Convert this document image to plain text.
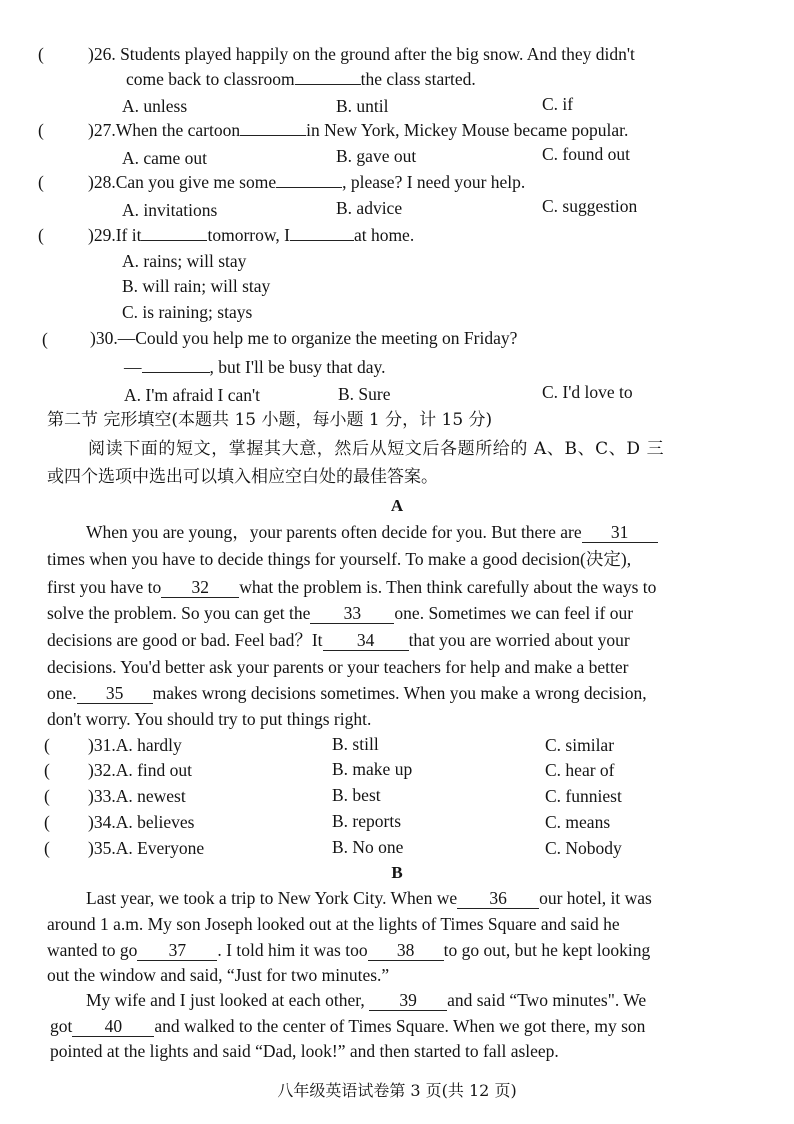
(	)26. Students played happily on the ground after the big snow. And they didn't
come back to classroom	the class started.
A. unless	B. until	C. if
(	)27.When the cartoon	in New York, Mickey Mouse became popular.
A. came out	B. gave out	C. found out
(	)28.Can you give me some	, please? I need your help.
A. invitations	B. advice	C. suggestion
(	)29.If it	tomorrow, I	at home.
A. rains; will stay
B. will rain; will stay
C. is raining; stays
( )30.—Could you help me to organize the meeting on Friday?
—	, but I'll be busy that day.
A. I'm afraid I can't	B. Sure	C. I'd love to
第二节 完形填空(本题共 15 小题，每小题 1 分，计 15 分)
阅读下面的短文，掌握其大意，然后从短文后各题所给的 A、B、C、D 三
或四个选项中选出可以填入相应空白处的最佳答案。
A
When you are young，your parents often decide for you. But there are 31
times when you have to decide things for yourself. To make a good decision(决定),
first you have to 32 what the problem is. Then think carefully about the ways to
solve the problem. So you can get the 33 one. Sometimes we can feel if our
decisions are good or bad. Feel bad？It 34 that you are worried about your
decisions. You'd better ask your parents or your teachers for help and make a better
one. 35 makes wrong decisions sometimes. When you make a wrong decision,
don't worry. You should try to put things right.
( )31.A. hardly	B. still	C. similar
( )32.A. find out	B. make up	C. hear of
( )33.A. newest	B. best	C. funniest
( )34.A. believes	B. reports	C. means
( )35.A. Everyone	B. No one	C. Nobody
B
Last year, we took a trip to New York City. When we 36 our hotel, it was
around 1 a.m. My son Joseph looked out at the lights of Times Square and said he
wanted to go 37 . I told him it was too 38 to go out, but he kept looking
out the window and said, “Just for two minutes.”
My wife and I just looked at each other, 39 and said “Two minutes". We
got 40 and walked to the center of Times Square. When we got there, my son
pointed at the lights and said “Dad, look!” and then started to fall asleep.
八年级英语试卷第 3 页(共 12 页)
